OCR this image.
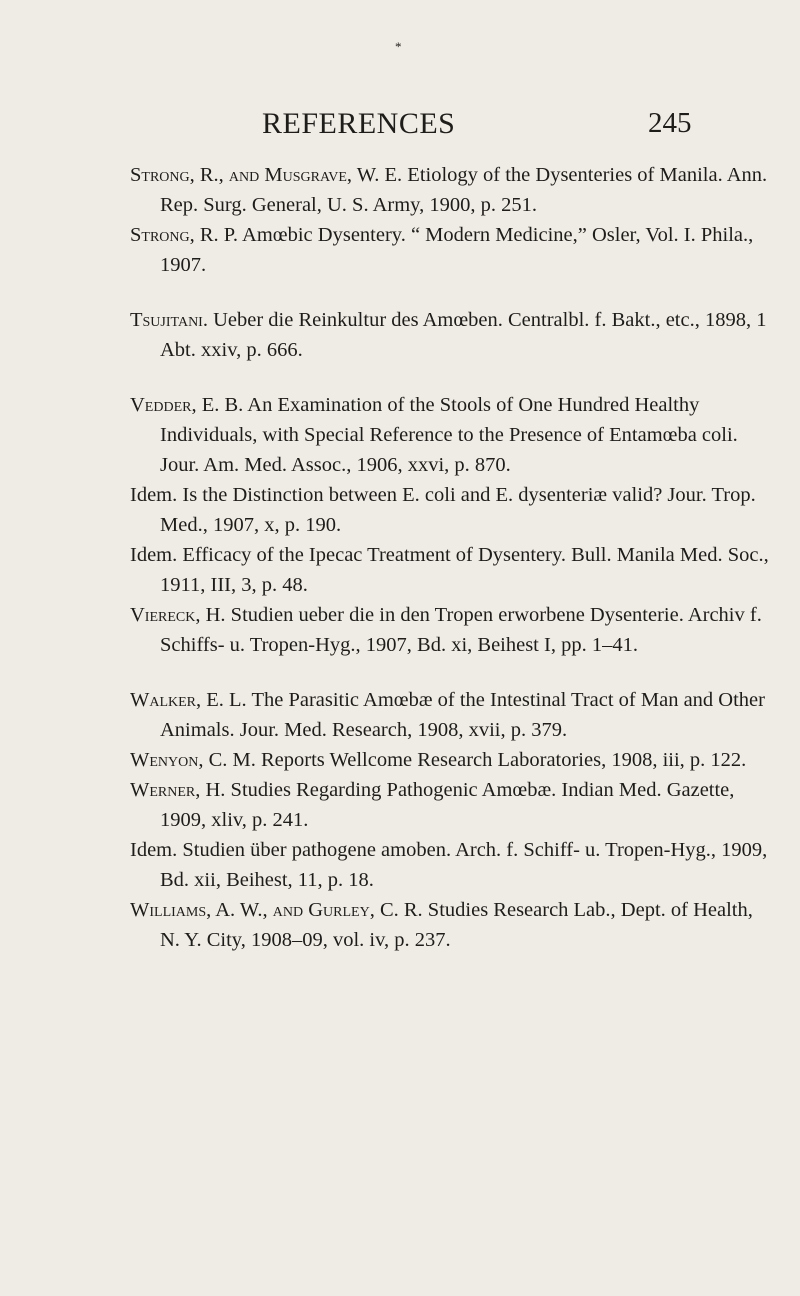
*
REFERENCES	245

Strong, R., and Musgrave, W. E. Etiology of the Dysenteries of Manila. Ann. Rep. Surg. General, U. S. Army, 1900, p. 251.

Strong, R. P. Amœbic Dysentery. “ Modern Medicine,” Osler, Vol. I. Phila., 1907.

Tsujitani. Ueber die Reinkultur des Amœben. Centralbl. f. Bakt., etc., 1898, 1 Abt. xxiv, p. 666.

Vedder, E. B. An Examination of the Stools of One Hundred Healthy Individuals, with Special Reference to the Presence of Entamœba coli. Jour. Am. Med. Assoc., 1906, xxvi, p. 870.

Idem. Is the Distinction between E. coli and E. dysenteriæ valid? Jour. Trop. Med., 1907, x, p. 190.

Idem. Efficacy of the Ipecac Treatment of Dysentery. Bull. Manila Med. Soc., 1911, III, 3, p. 48.

Viereck, H. Studien ueber die in den Tropen erworbene Dysenterie. Archiv f. Schiffs- u. Tropen-Hyg., 1907, Bd. xi, Beihest I, pp. 1–41.

Walker, E. L. The Parasitic Amœbæ of the Intestinal Tract of Man and Other Animals. Jour. Med. Research, 1908, xvii, p. 379.

Wenyon, C. M. Reports Wellcome Research Laboratories, 1908, iii, p. 122.

Werner, H. Studies Regarding Pathogenic Amœbæ. Indian Med. Gazette, 1909, xliv, p. 241.

Idem. Studien über pathogene amoben. Arch. f. Schiff- u. Tropen-Hyg., 1909, Bd. xii, Beihest, 11, p. 18.

Williams, A. W., and Gurley, C. R. Studies Research Lab., Dept. of Health, N. Y. City, 1908–09, vol. iv, p. 237.
